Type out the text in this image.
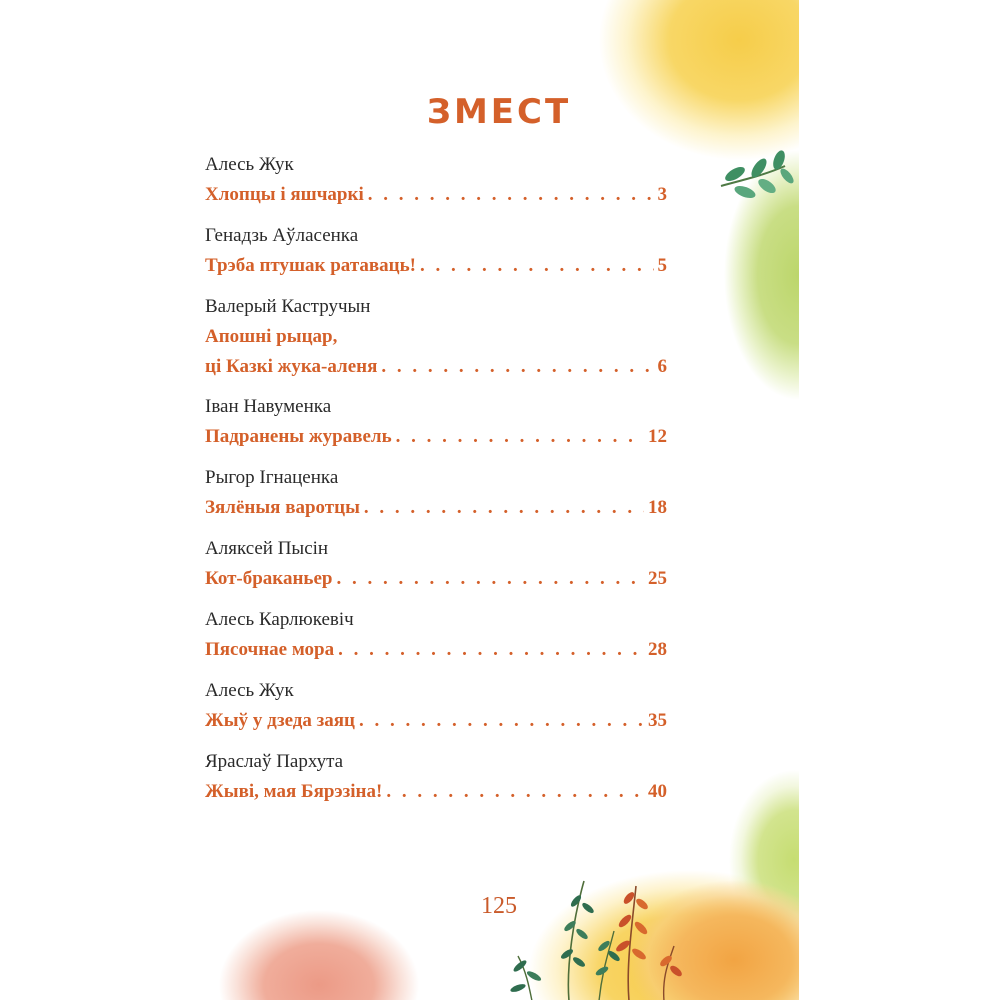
ЗМЕСТ
Алесь Жук
Хлопцы і яшчаркі . . .	3
Генадзь Аўласенка
Трэба птушак ратаваць! . . .	5
Валерый Кастручын
Апошні рыцар,
ці Казкі жука-аленя . . .	6
Іван Навуменка
Падранены журавель . . .	12
Рыгор Ігнаценка
Зялёныя варотцы . . .	18
Аляксей Пысін
Кот-браканьер . . .	25
Алесь Карлюкевіч
Пясочнае мора . . .	28
Алесь Жук
Жыў у дзеда заяц . . .	35
Яраслаў Пархута
Жыві, мая Бярэзіна! . . .	40
125
